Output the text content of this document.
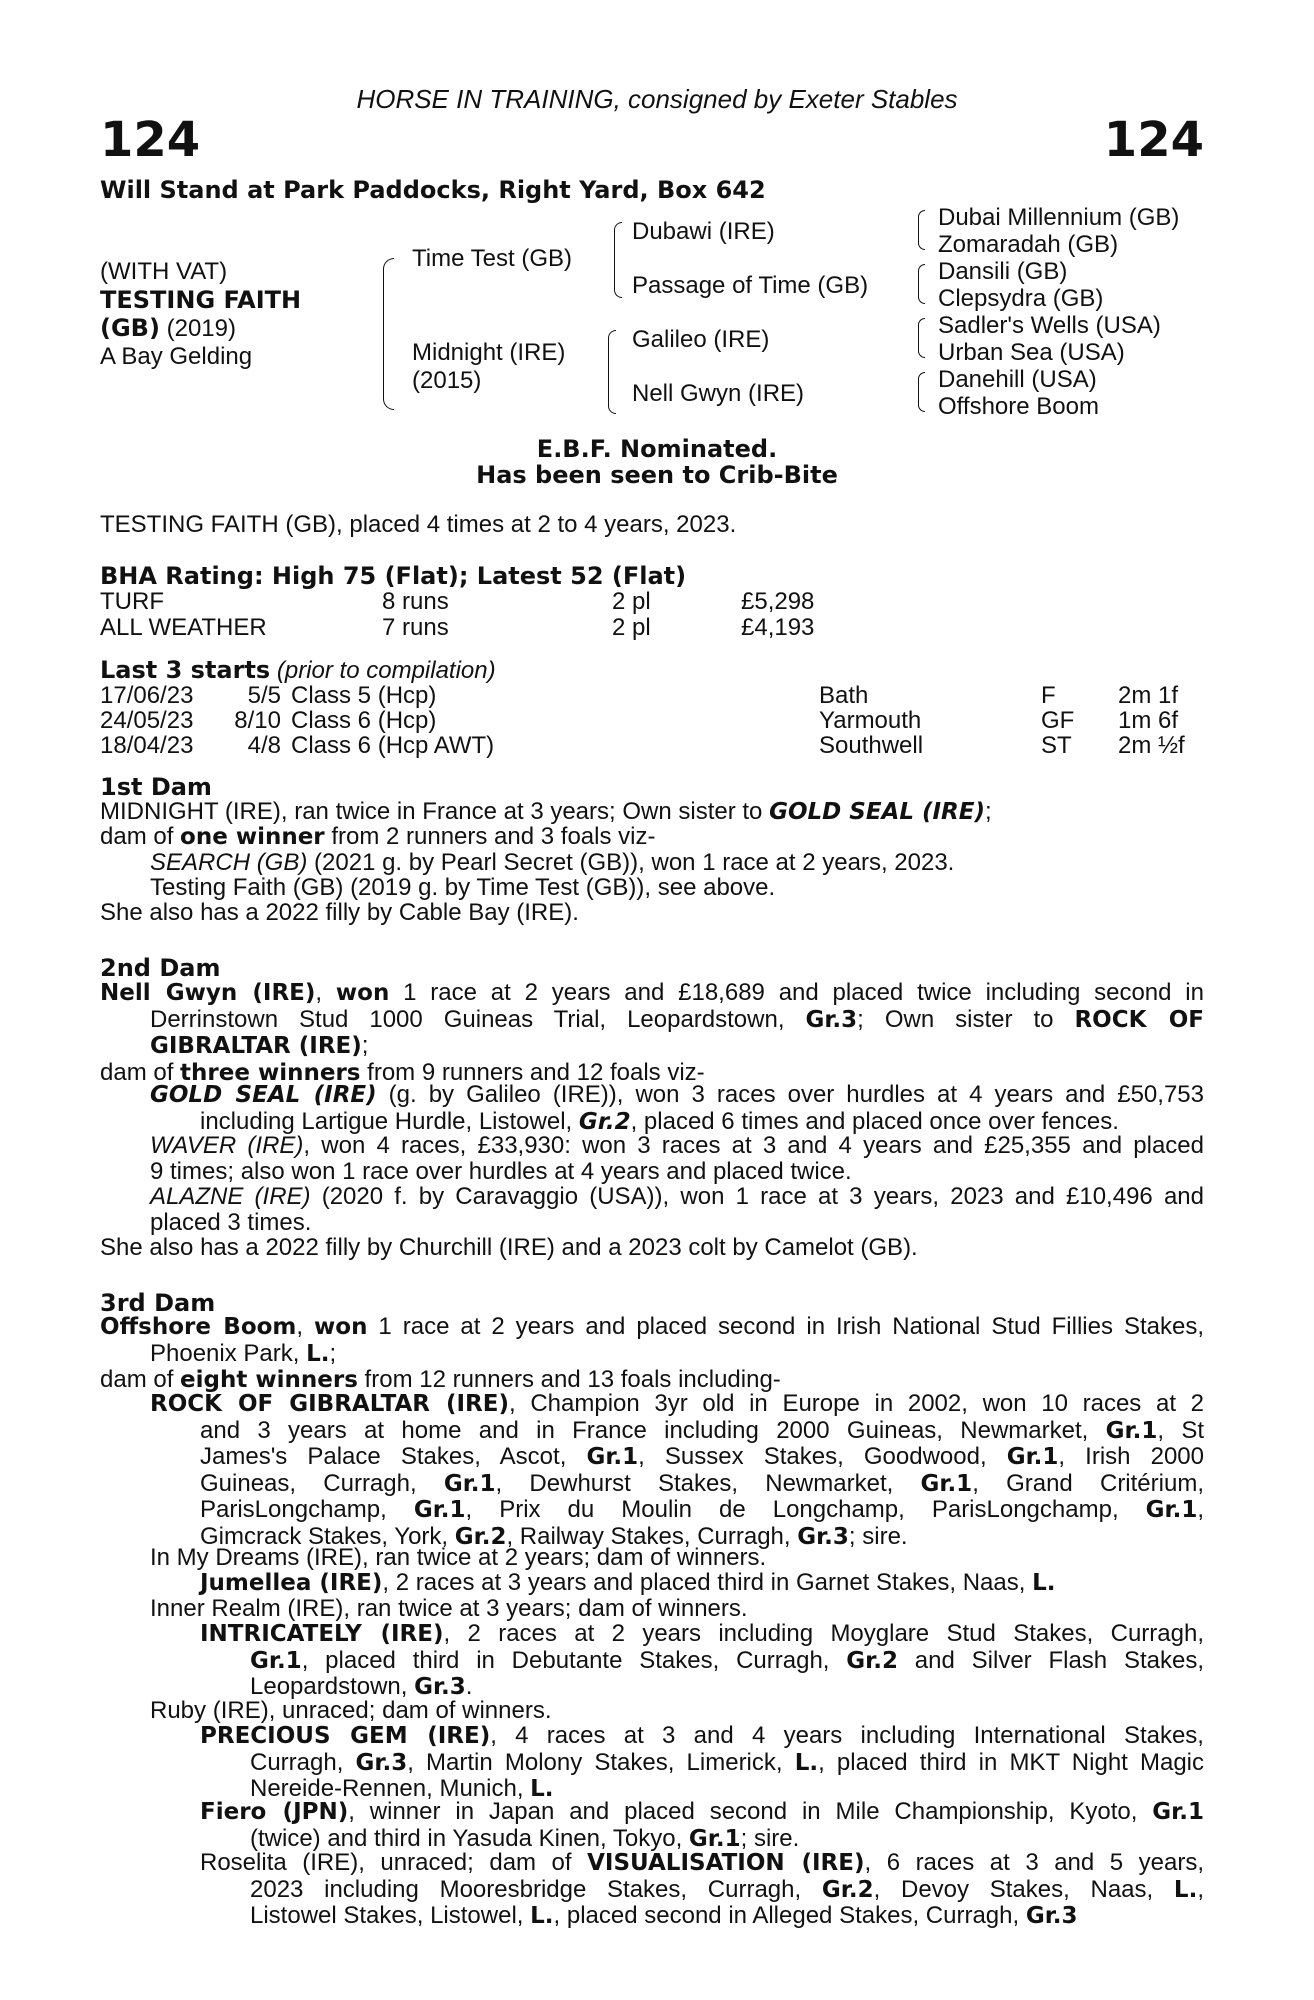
HORSE IN TRAINING, consigned by Exeter Stables
124	124
Will Stand at Park Paddocks, Right Yard, Box 642
(WITH VAT)
TESTING FAITH
(GB) (2019)
A Bay Gelding
Time Test (GB)
Midnight (IRE)
(2015)
Dubawi (IRE)
Passage of Time (GB)
Galileo (IRE)
Nell Gwyn (IRE)
Dubai Millennium (GB)
Zomaradah (GB)
Dansili (GB)
Clepsydra (GB)
Sadler's Wells (USA)
Urban Sea (USA)
Danehill (USA)
Offshore Boom
E.B.F. Nominated.
Has been seen to Crib-Bite
TESTING FAITH (GB), placed 4 times at 2 to 4 years, 2023.
BHA Rating: High 75 (Flat); Latest 52 (Flat)
TURF	8 runs	2 pl	£5,298
ALL WEATHER	7 runs	2 pl	£4,193
Last 3 starts (prior to compilation)
17/06/23	5/5 Class 5 (Hcp)	Bath	F	2m 1f
24/05/23	8/10 Class 6 (Hcp)	Yarmouth	GF 1m 6f
18/04/23	4/8 Class 6 (Hcp AWT)	Southwell	ST 2m ½f
1st Dam
MIDNIGHT (IRE), ran twice in France at 3 years; Own sister to GOLD SEAL (IRE);
dam of one winner from 2 runners and 3 foals viz-
SEARCH (GB) (2021 g. by Pearl Secret (GB)), won 1 race at 2 years, 2023.
Testing Faith (GB) (2019 g. by Time Test (GB)), see above.
She also has a 2022 filly by Cable Bay (IRE).
2nd Dam
Nell Gwyn (IRE), won 1 race at 2 years and £18,689 and placed twice including second in
Derrinstown Stud 1000 Guineas Trial, Leopardstown, Gr.3; Own sister to ROCK OF
GIBRALTAR (IRE);
dam of three winners from 9 runners and 12 foals viz-
GOLD SEAL (IRE) (g. by Galileo (IRE)), won 3 races over hurdles at 4 years and £50,753
including Lartigue Hurdle, Listowel, Gr.2, placed 6 times and placed once over fences.
WAVER (IRE), won 4 races, £33,930: won 3 races at 3 and 4 years and £25,355 and placed
9 times; also won 1 race over hurdles at 4 years and placed twice.
ALAZNE (IRE) (2020 f. by Caravaggio (USA)), won 1 race at 3 years, 2023 and £10,496 and
placed 3 times.
She also has a 2022 filly by Churchill (IRE) and a 2023 colt by Camelot (GB).
3rd Dam
Offshore Boom, won 1 race at 2 years and placed second in Irish National Stud Fillies Stakes,
Phoenix Park, L.;
dam of eight winners from 12 runners and 13 foals including-
ROCK OF GIBRALTAR (IRE), Champion 3yr old in Europe in 2002, won 10 races at 2
and 3 years at home and in France including 2000 Guineas, Newmarket, Gr.1, St
James's Palace Stakes, Ascot, Gr.1, Sussex Stakes, Goodwood, Gr.1, Irish 2000
Guineas, Curragh, Gr.1, Dewhurst Stakes, Newmarket, Gr.1, Grand Critérium,
ParisLongchamp, Gr.1, Prix du Moulin de Longchamp, ParisLongchamp, Gr.1,
Gimcrack Stakes, York, Gr.2, Railway Stakes, Curragh, Gr.3; sire.
In My Dreams (IRE), ran twice at 2 years; dam of winners.
Jumellea (IRE), 2 races at 3 years and placed third in Garnet Stakes, Naas, L.
Inner Realm (IRE), ran twice at 3 years; dam of winners.
INTRICATELY (IRE), 2 races at 2 years including Moyglare Stud Stakes, Curragh,
Gr.1, placed third in Debutante Stakes, Curragh, Gr.2 and Silver Flash Stakes,
Leopardstown, Gr.3.
Ruby (IRE), unraced; dam of winners.
PRECIOUS GEM (IRE), 4 races at 3 and 4 years including International Stakes,
Curragh, Gr.3, Martin Molony Stakes, Limerick, L., placed third in MKT Night Magic
Nereide-Rennen, Munich, L.
Fiero (JPN), winner in Japan and placed second in Mile Championship, Kyoto, Gr.1
(twice) and third in Yasuda Kinen, Tokyo, Gr.1; sire.
Roselita (IRE), unraced; dam of VISUALISATION (IRE), 6 races at 3 and 5 years,
2023 including Mooresbridge Stakes, Curragh, Gr.2, Devoy Stakes, Naas, L.,
Listowel Stakes, Listowel, L., placed second in Alleged Stakes, Curragh, Gr.3
